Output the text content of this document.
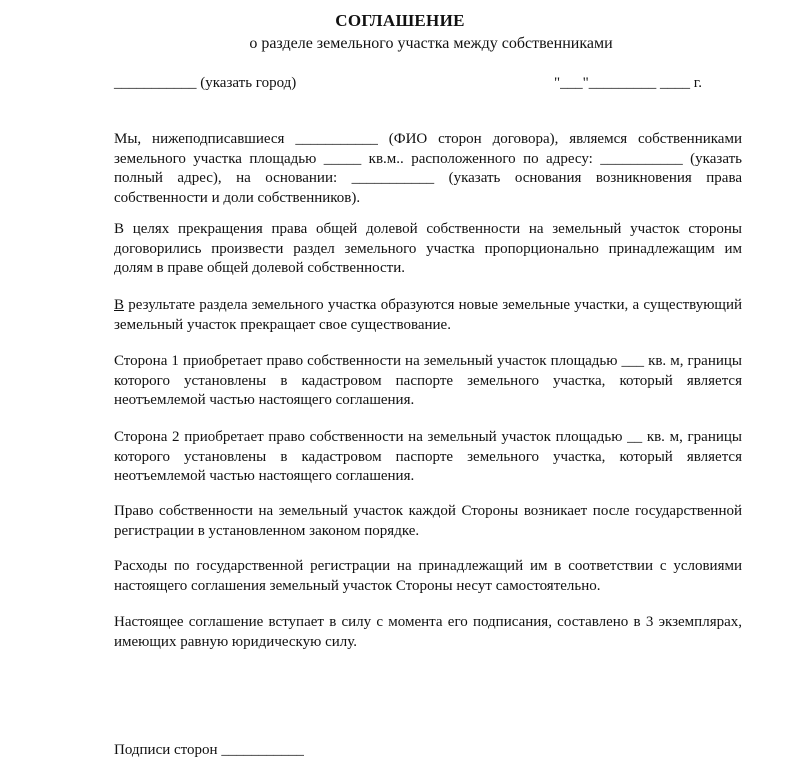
СОГЛАШЕНИЕ
о разделе земельного участка между собственниками
___________ (указать город)	"___"_________ ____ г.
Мы, нижеподписавшиеся ___________ (ФИО сторон договора), являемся собственниками земельного участка площадью _____ кв.м.. расположенного по адресу: ___________ (указать полный адрес), на основании: ___________ (указать основания возникновения права собственности и доли собственников).
В целях прекращения права общей долевой собственности на земельный участок стороны договорились произвести раздел земельного участка пропорционально принадлежащим им долям в праве общей долевой собственности.
В результате раздела земельного участка образуются новые земельные участки, а существующий земельный участок прекращает свое существование.
Сторона 1 приобретает право собственности на земельный участок площадью ___ кв. м, границы которого установлены в кадастровом паспорте земельного участка, который является неотъемлемой частью настоящего соглашения.
Сторона 2 приобретает право собственности на земельный участок площадью __ кв. м, границы которого установлены в кадастровом паспорте земельного участка, который является неотъемлемой частью настоящего соглашения.
Право собственности на земельный участок каждой Стороны возникает после государственной регистрации в установленном законом порядке.
Расходы по государственной регистрации на принадлежащий им в соответствии с условиями настоящего соглашения земельный участок Стороны несут самостоятельно.
Настоящее соглашение вступает в силу с момента его подписания, составлено в 3 экземплярах, имеющих равную юридическую силу.
Подписи сторон ___________
